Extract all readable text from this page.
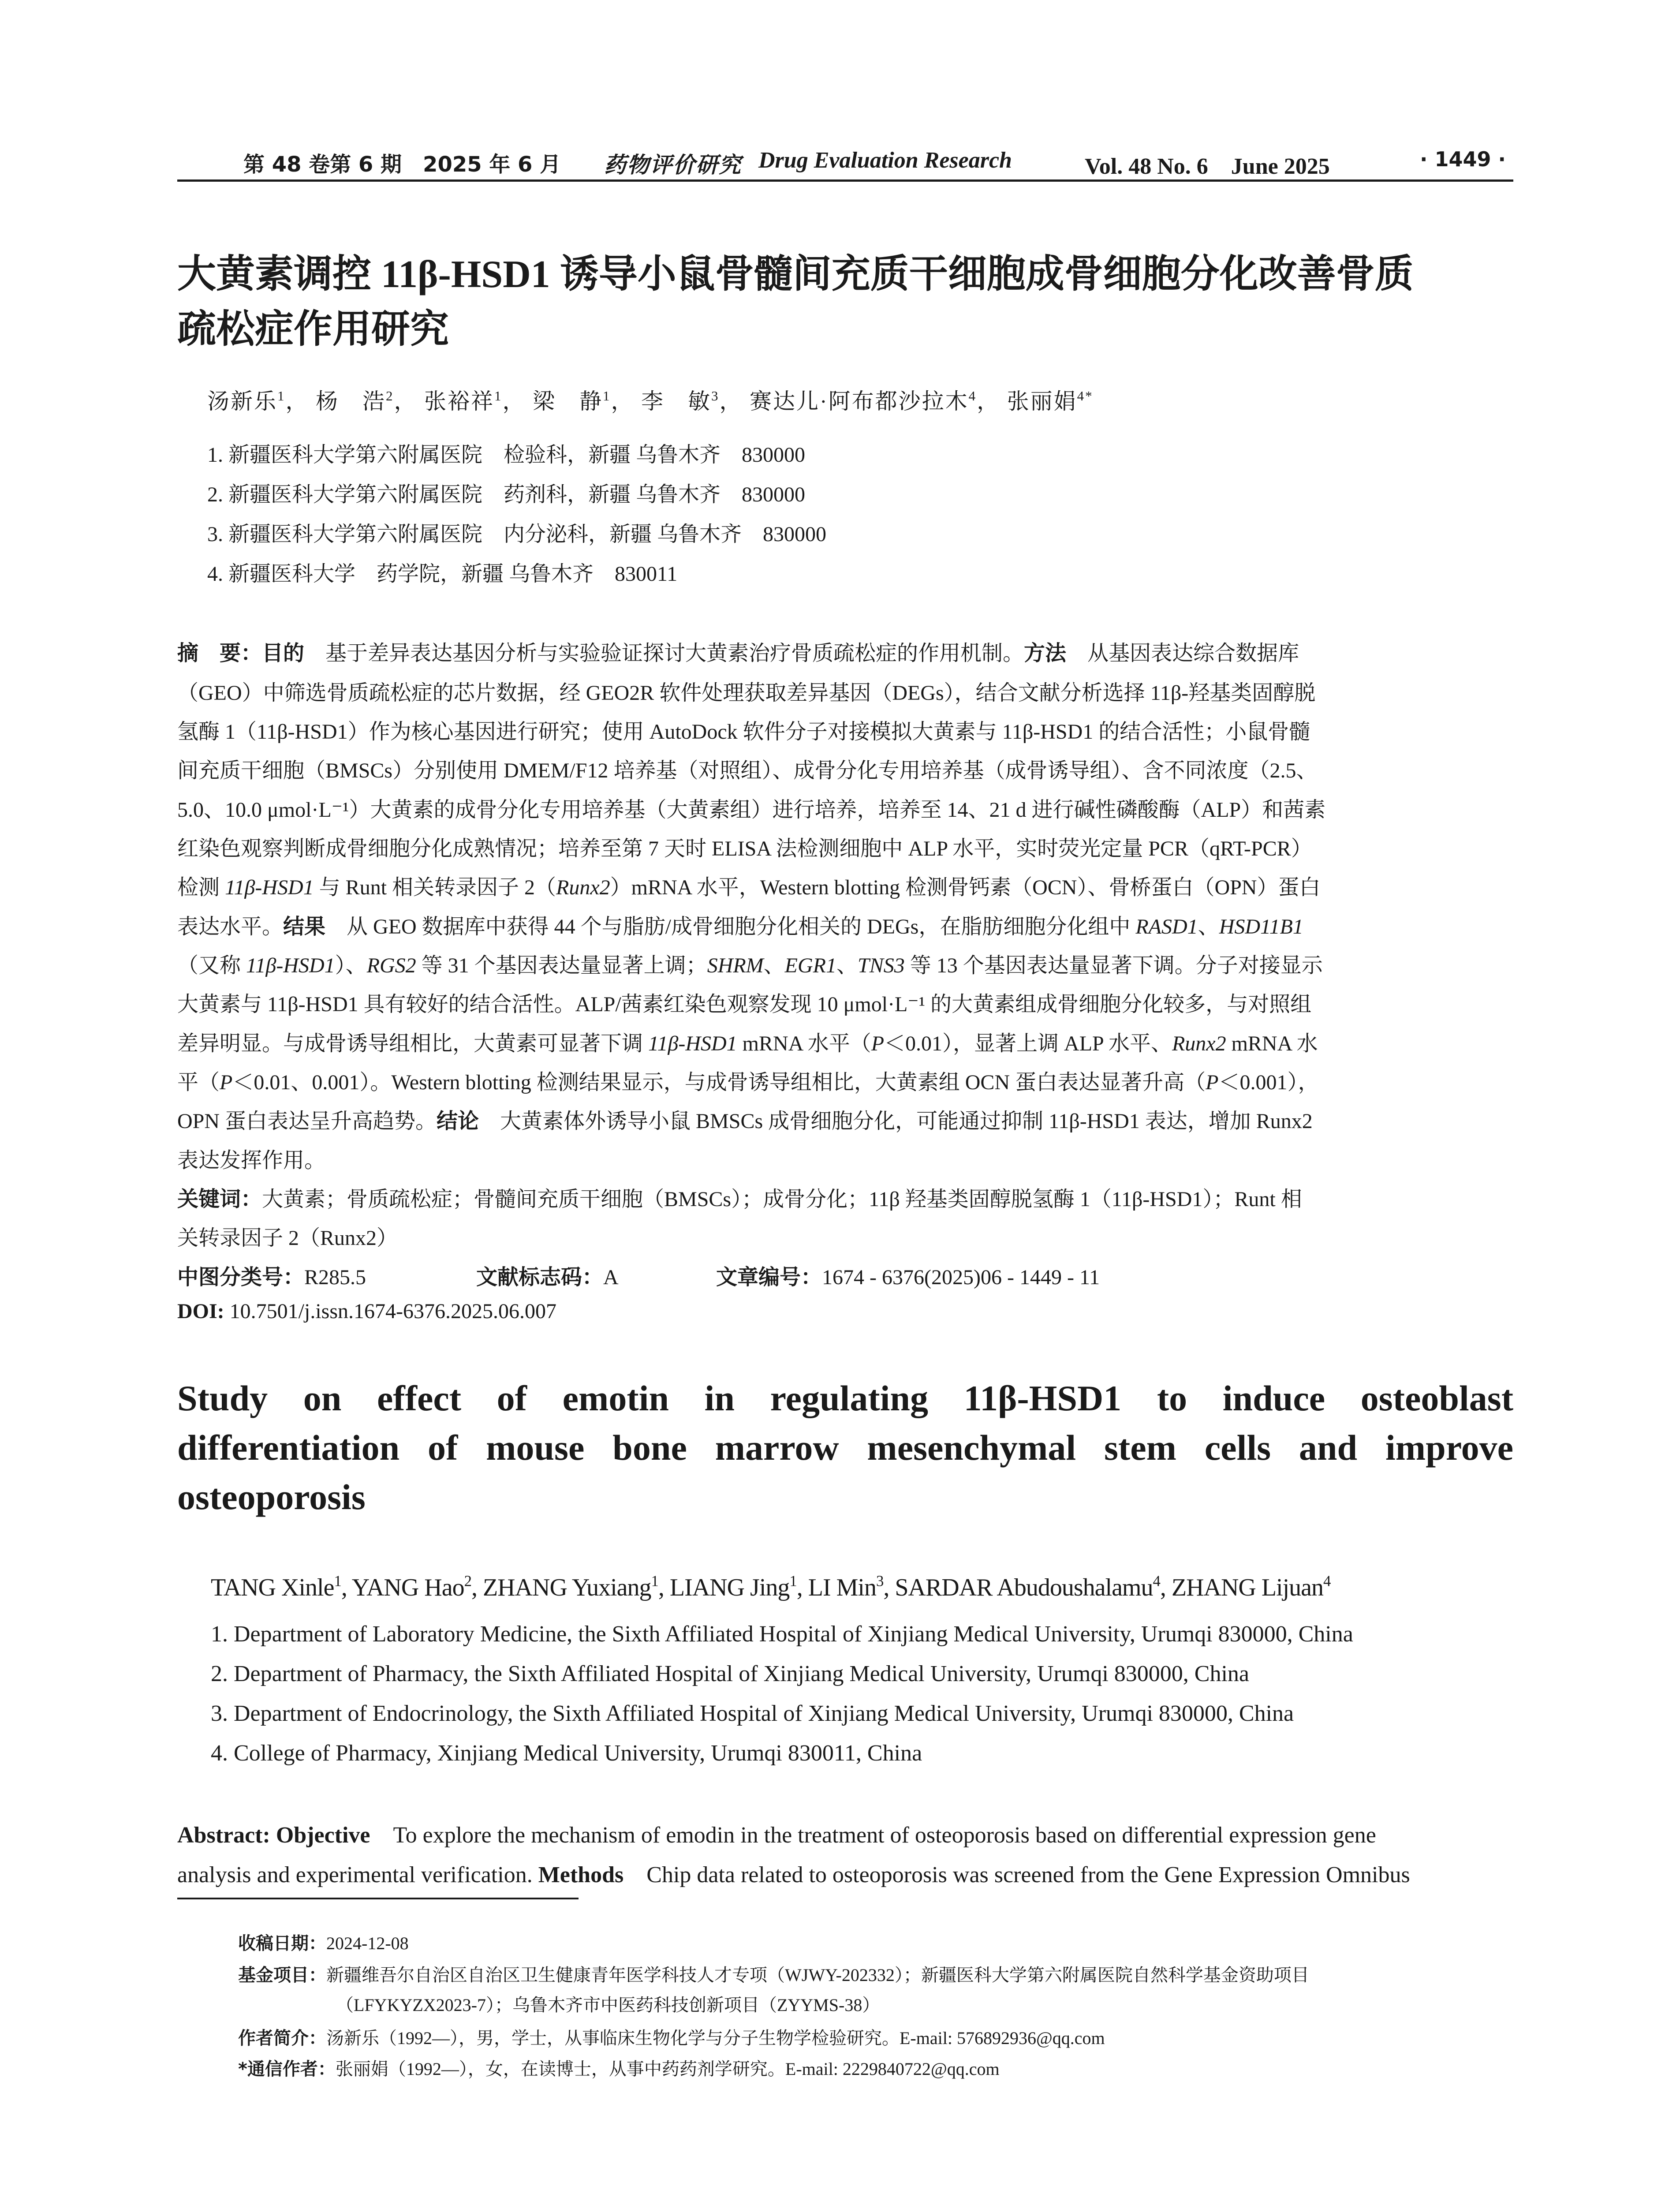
第 48 卷第 6 期　2025 年 6 月 药物评价研究 Drug Evaluation Research	Vol. 48 No. 6　June 2025	· 1449 ·
大黄素调控 11β-HSD1 诱导小鼠骨髓间充质干细胞成骨细胞分化改善骨质
疏松症作用研究
汤新乐$^1$， 杨　浩$^2$， 张裕祥$^1$， 梁　静$^1$， 李　敏$^3$， 赛达儿·阿布都沙拉木$^4$， 张丽娟$^{4*}$
1. 新疆医科大学第六附属医院　检验科，新疆 乌鲁木齐　830000
2. 新疆医科大学第六附属医院　药剂科，新疆 乌鲁木齐　830000
3. 新疆医科大学第六附属医院　内分泌科，新疆 乌鲁木齐　830000
4. 新疆医科大学　药学院，新疆 乌鲁木齐　830011
摘　要：目的　基于差异表达基因分析与实验验证探讨大黄素治疗骨质疏松症的作用机制。方法　从基因表达综合数据库
（GEO）中筛选骨质疏松症的芯片数据，经 GEO2R 软件处理获取差异基因（DEGs），结合文献分析选择 11β-羟基类固醇脱
氢酶 1（11β-HSD1）作为核心基因进行研究；使用 AutoDock 软件分子对接模拟大黄素与 11β-HSD1 的结合活性；小鼠骨髓
间充质干细胞（BMSCs）分别使用 DMEM/F12 培养基（对照组）、成骨分化专用培养基（成骨诱导组）、含不同浓度（2.5、
5.0、10.0 μmol·L⁻¹）大黄素的成骨分化专用培养基（大黄素组）进行培养，培养至 14、21 d 进行碱性磷酸酶（ALP）和茜素
红染色观察判断成骨细胞分化成熟情况；培养至第 7 天时 ELISA 法检测细胞中 ALP 水平，实时荧光定量 PCR（qRT-PCR）
检测 11β-HSD1 与 Runt 相关转录因子 2（Runx2）mRNA 水平，Western blotting 检测骨钙素（OCN）、骨桥蛋白（OPN）蛋白
表达水平。结果　从 GEO 数据库中获得 44 个与脂肪/成骨细胞分化相关的 DEGs，在脂肪细胞分化组中 RASD1、HSD11B1
（又称 11β-HSD1）、RGS2 等 31 个基因表达量显著上调；SHRM、EGR1、TNS3 等 13 个基因表达量显著下调。分子对接显示
大黄素与 11β-HSD1 具有较好的结合活性。ALP/茜素红染色观察发现 10 μmol·L⁻¹ 的大黄素组成骨细胞分化较多，与对照组
差异明显。与成骨诱导组相比，大黄素可显著下调 11β-HSD1 mRNA 水平（P＜0.01），显著上调 ALP 水平、Runx2 mRNA 水
平（P＜0.01、0.001）。Western blotting 检测结果显示，与成骨诱导组相比，大黄素组 OCN 蛋白表达显著升高（P＜0.001），
OPN 蛋白表达呈升高趋势。结论　大黄素体外诱导小鼠 BMSCs 成骨细胞分化，可能通过抑制 11β-HSD1 表达，增加 Runx2
表达发挥作用。
关键词：大黄素；骨质疏松症；骨髓间充质干细胞（BMSCs）；成骨分化；11β 羟基类固醇脱氢酶 1（11β-HSD1）；Runt 相
关转录因子 2（Runx2）
中图分类号：R285.5	文献标志码：A	文章编号：1674 - 6376(2025)06 - 1449 - 11
DOI: 10.7501/j.issn.1674-6376.2025.06.007
Study on effect of emotin in regulating 11β-HSD1 to induce osteoblast
differentiation of mouse bone marrow mesenchymal stem cells and improve
osteoporosis
TANG Xinle$^1$, YANG Hao$^2$, ZHANG Yuxiang$^1$, LIANG Jing$^1$, LI Min$^3$, SARDAR Abudoushalamu$^4$, ZHANG Lijuan$^4$
1. Department of Laboratory Medicine, the Sixth Affiliated Hospital of Xinjiang Medical University, Urumqi 830000, China
2. Department of Pharmacy, the Sixth Affiliated Hospital of Xinjiang Medical University, Urumqi 830000, China
3. Department of Endocrinology, the Sixth Affiliated Hospital of Xinjiang Medical University, Urumqi 830000, China
4. College of Pharmacy, Xinjiang Medical University, Urumqi 830011, China
Abstract: Objective　To explore the mechanism of emodin in the treatment of osteoporosis based on differential expression gene
analysis and experimental verification. Methods　Chip data related to osteoporosis was screened from the Gene Expression Omnibus
收稿日期：2024-12-08
基金项目：新疆维吾尔自治区自治区卫生健康青年医学科技人才专项（WJWY-202332）；新疆医科大学第六附属医院自然科学基金资助项目
（LFYKYZX2023-7）；乌鲁木齐市中医药科技创新项目（ZYYMS-38）
作者简介：汤新乐（1992—），男，学士，从事临床生物化学与分子生物学检验研究。E-mail: 576892936@qq.com
*通信作者：张丽娟（1992—），女，在读博士，从事中药药剂学研究。E-mail: 2229840722@qq.com
